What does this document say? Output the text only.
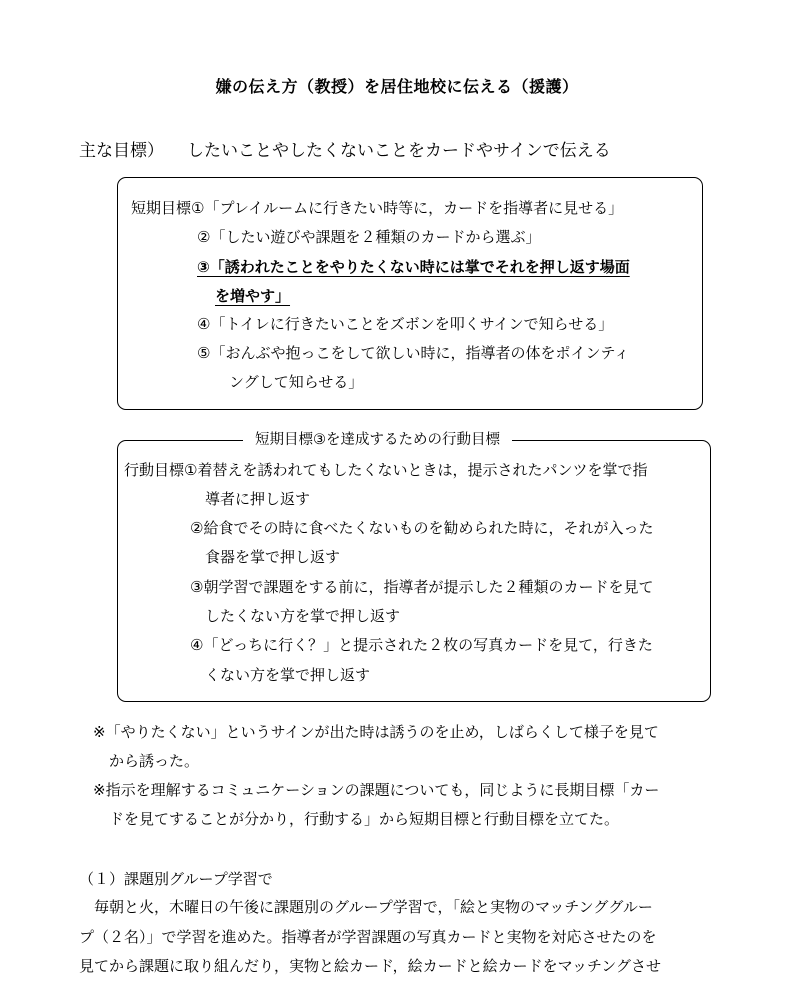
嫌の伝え方（教授）を居住地校に伝える（援護）
主な目標） したいことやしたくないことをカードやサインで伝える
短期目標①「プレイルームに行きたい時等に，カードを指導者に見せる」
②「したい遊びや課題を２種類のカードから選ぶ」
③「誘われたことをやりたくない時には掌でそれを押し返す場面
を増やす」
④「トイレに行きたいことをズボンを叩くサインで知らせる」
⑤「おんぶや抱っこをして欲しい時に，指導者の体をポインティ
ングして知らせる」
短期目標③を達成するための行動目標
行動目標①着替えを誘われてもしたくないときは，提示されたパンツを掌で指
導者に押し返す
②給食でその時に食べたくないものを勧められた時に，それが入った
食器を掌で押し返す
③朝学習で課題をする前に，指導者が提示した２種類のカードを見て
したくない方を掌で押し返す
④「どっちに行く？」と提示された２枚の写真カードを見て，行きた
くない方を掌で押し返す
※「やりたくない」というサインが出た時は誘うのを止め，しばらくして様子を見て
から誘った。
※指示を理解するコミュニケーションの課題についても，同じように長期目標「カー
ドを見てすることが分かり，行動する」から短期目標と行動目標を立てた。
（１）課題別グループ学習で
毎朝と火，木曜日の午後に課題別のグループ学習で，「絵と実物のマッチンググルー
プ（２名）」で学習を進めた。指導者が学習課題の写真カードと実物を対応させたのを
見てから課題に取り組んだり，実物と絵カード，絵カードと絵カードをマッチングさせ
